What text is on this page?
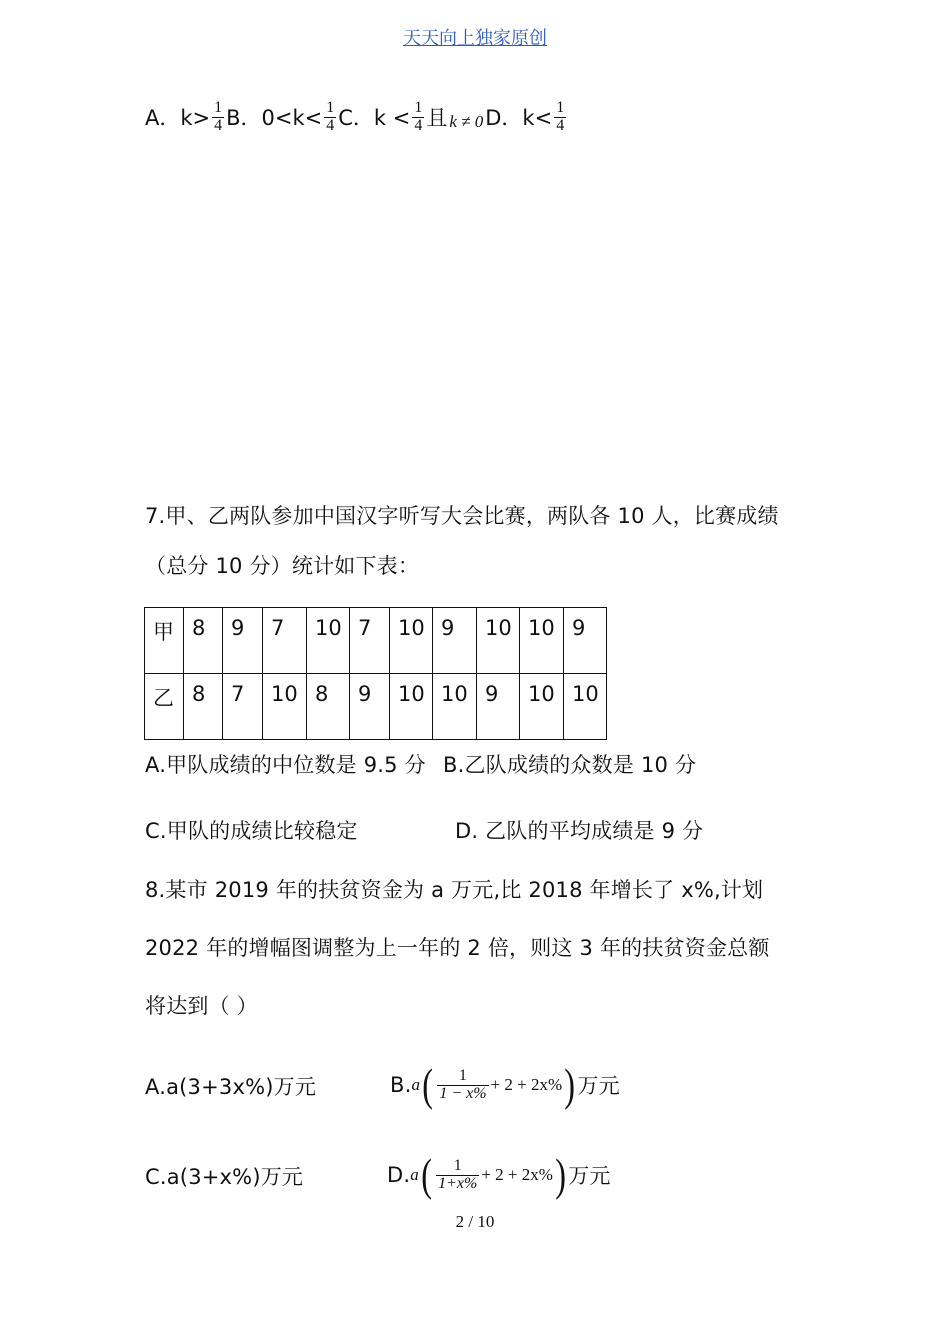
天天向上独家原创
A．$k> \frac{1}{4}$ B．$0<k< \frac{1}{4}$ C．$k < \frac{1}{4}$ 且 k ≠ 0 D．$k< \frac{1}{4}$
7.甲、乙两队参加中国汉字听写大会比赛，两队各 10 人，比赛成绩
（总分 10 分）统计如下表：
甲	8	9	7	10	7	10	9	10	10	9
乙	8	7	10	8	9	10	10	9	10	10
A.甲队成绩的中位数是 9.5 分 B.乙队成绩的众数是 10 分
C.甲队的成绩比较稳定	D. 乙队的平均成绩是 9 分
8.某市 2019 年的扶贫资金为 a 万元,比 2018 年增长了 x%,计划
2022 年的增幅图调整为上一年的 2 倍，则这 3 年的扶贫资金总额
将达到（ ）
A.a(3+3x%)万元	B. a ( $\frac{1}{1 - x\%} + 2 + 2x\%$ ) 万元
C.a(3+x%)万元	D. a ( $\frac{1}{1+x\%} + 2 + 2x\%$ ) 万元
2 / 10
